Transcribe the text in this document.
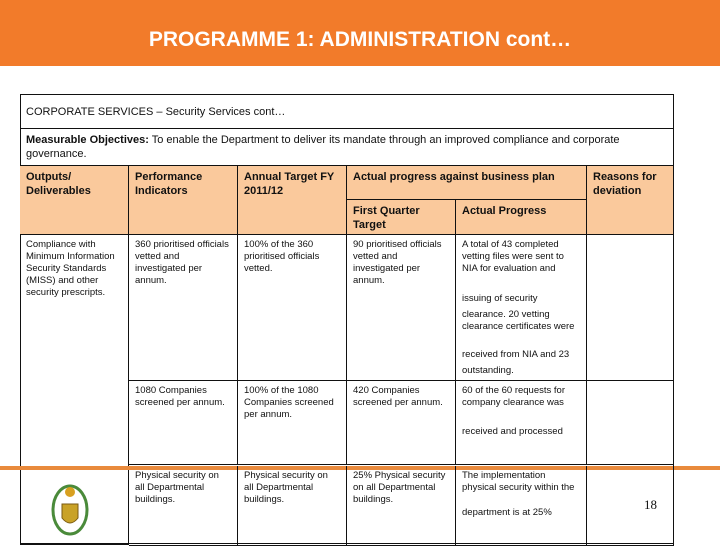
PROGRAMME 1: ADMINISTRATION cont…
CORPORATE SERVICES – Security Services cont…
Measurable Objectives: To enable the Department to deliver its mandate through an improved compliance and corporate governance.
Outputs/ Deliverables
Performance Indicators
Annual Target FY 2011/12
Actual progress against business plan
First Quarter Target
Actual Progress
Reasons for deviation
Compliance with Minimum Information Security Standards (MISS) and other security prescripts.
360 prioritised officials vetted and investigated per annum.
100% of the 360 prioritised officials vetted.
90 prioritised officials vetted and investigated per annum.
A total of 43 completed vetting files were sent to NIA for evaluation and
issuing of security
clearance. 20 vetting clearance certificates were
received from NIA and 23
outstanding.
1080 Companies screened per annum.
100% of the 1080 Companies screened per annum.
420 Companies screened per annum.
60 of the 60 requests for company clearance was
received and processed
Physical security on all Departmental buildings.
Physical security on all Departmental buildings.
25% Physical security on all Departmental buildings.
The implementation physical security within the
department is at 25%
18
